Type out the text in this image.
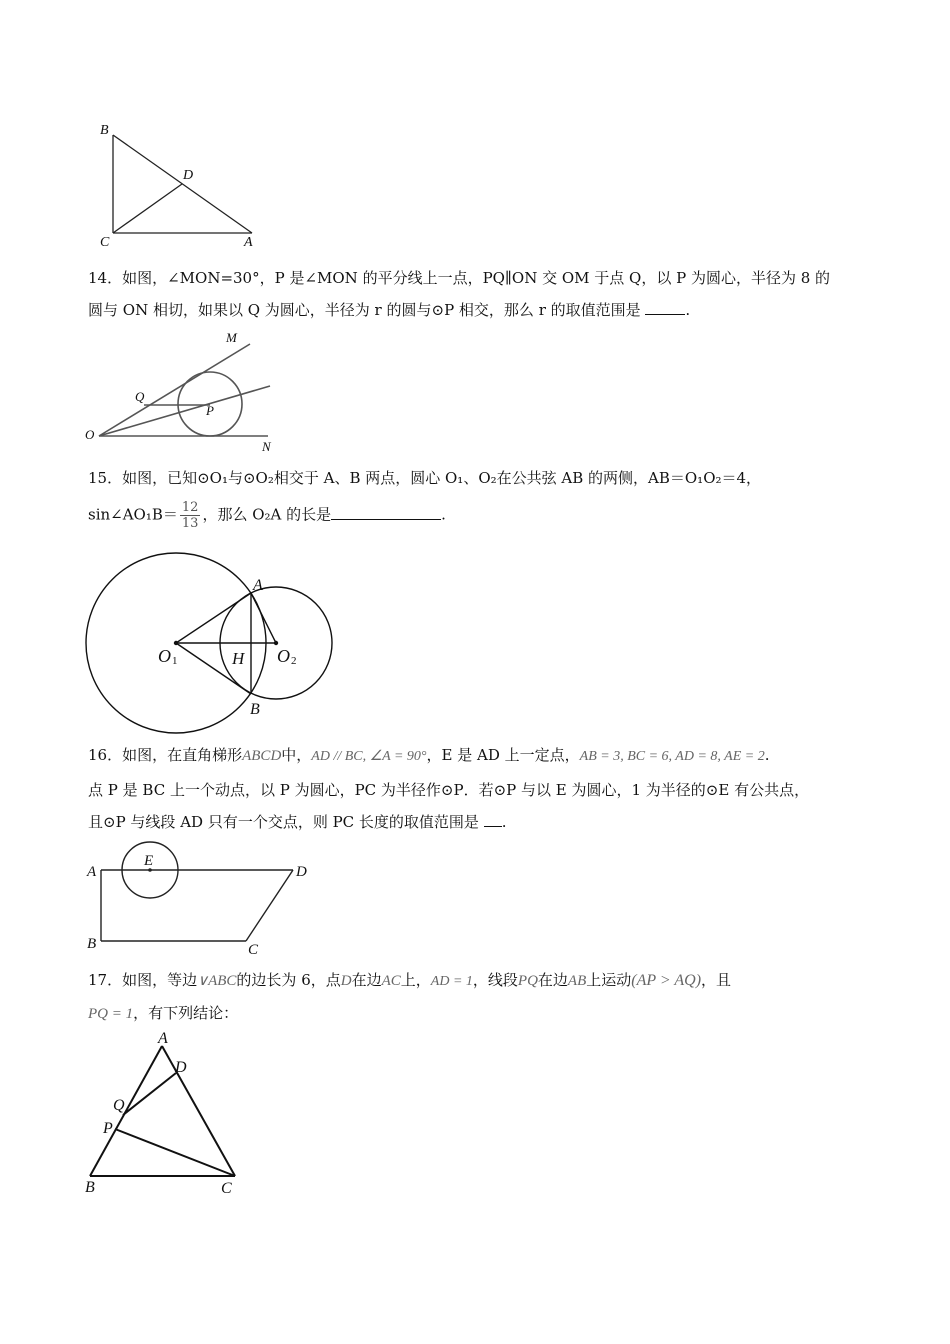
B
D
C	A
14．如图，∠MON=30°，P 是∠MON 的平分线上一点，PQ∥ON 交 OM 于点 Q，以 P 为圆心，半径为 8 的
圆与 ON 相切，如果以 Q 为圆心，半径为 r 的圆与⊙P 相交，那么 r 的取值范围是	.
M
Q
P
O
N
15．如图，已知⊙O₁与⊙O₂相交于 A、B 两点，圆心 O₁、O₂在公共弦 AB 的两侧，AB＝O₁O₂＝4，
sin∠AO₁B＝ $\frac{12}{13}$ ，那么 O₂A 的长是	.
A
O 1	H O 2
B
16．如图，在直角梯形ABCD中，AD // BC, ∠A = 90°，E 是 AD 上一定点，AB = 3, BC = 6, AD = 8, AE = 2.
点 P 是 BC 上一个动点，以 P 为圆心，PC 为半径作⊙P．若⊙P 与以 E 为圆心，1 为半径的⊙E 有公共点，
且⊙P 与线段 AD 只有一个交点，则 PC 长度的取值范围是 .
E
A	D
B	C
17．如图，等边∨ABC的边长为 6，点D在边AC上，AD = 1，线段PQ在边AB上运动(AP > AQ)，且
PQ = 1，有下列结论：
A
D
Q
P
B	C
